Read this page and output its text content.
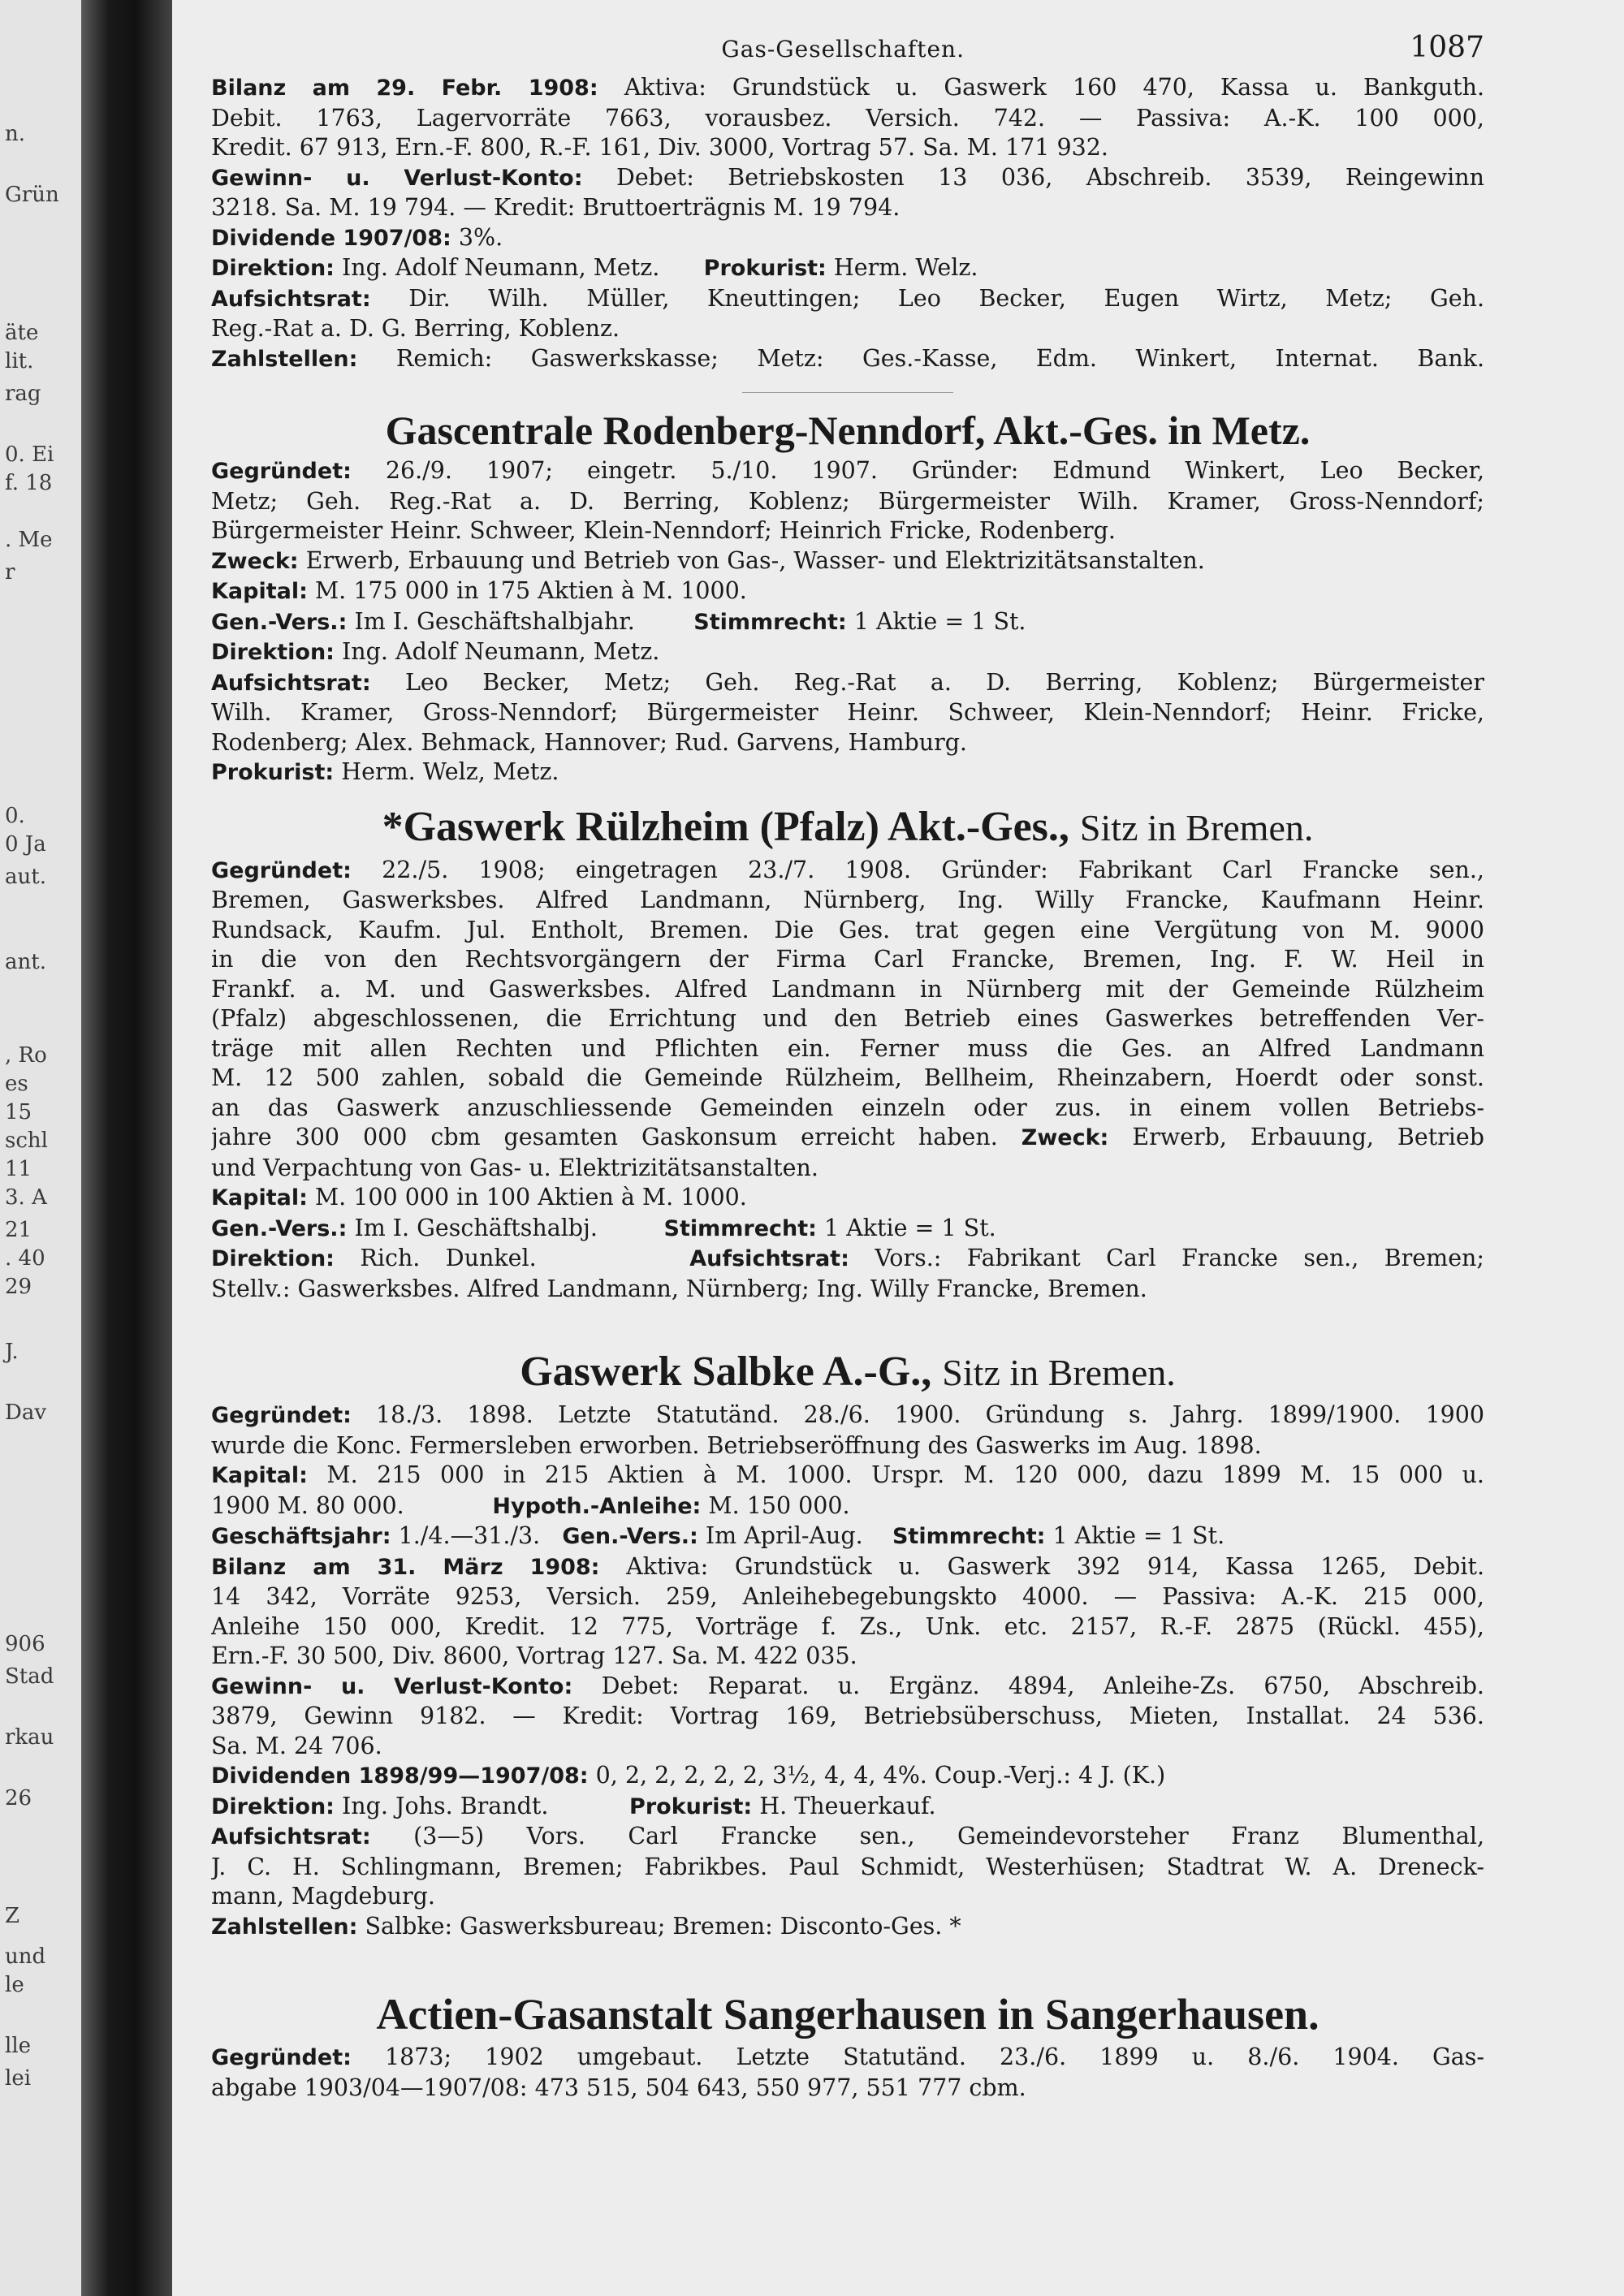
n.
Grün
äte
lit.
rag
0. Ei
f. 18
. Me
r
0.
0 Ja
aut.
ant.
, Ro
es
15
schl
11
3. A
21
. 40
29
J.
Dav
906
Stad
rkau
26
Z
und
le
lle
lei
Gas-Gesellschaften.	1087
Bilanz am 29. Febr. 1908: Aktiva: Grundstück u. Gaswerk 160 470, Kassa u. Bankguth.
Debit. 1763, Lagervorräte 7663, vorausbez. Versich. 742. — Passiva: A.-K. 100 000,
Kredit. 67 913, Ern.-F. 800, R.-F. 161, Div. 3000, Vortrag 57. Sa. M. 171 932.
Gewinn- u. Verlust-Konto: Debet: Betriebskosten 13 036, Abschreib. 3539, Reingewinn
3218. Sa. M. 19 794. — Kredit: Bruttoerträgnis M. 19 794.
Dividende 1907/08: 3%.
Direktion: Ing. Adolf Neumann, Metz. Prokurist: Herm. Welz.
Aufsichtsrat: Dir. Wilh. Müller, Kneuttingen; Leo Becker, Eugen Wirtz, Metz; Geh.
Reg.-Rat a. D. G. Berring, Koblenz.
Zahlstellen: Remich: Gaswerkskasse; Metz: Ges.-Kasse, Edm. Winkert, Internat. Bank.
Gascentrale Rodenberg-Nenndorf, Akt.-Ges. in Metz.
Gegründet: 26./9. 1907; eingetr. 5./10. 1907. Gründer: Edmund Winkert, Leo Becker,
Metz; Geh. Reg.-Rat a. D. Berring, Koblenz; Bürgermeister Wilh. Kramer, Gross-Nenndorf;
Bürgermeister Heinr. Schweer, Klein-Nenndorf; Heinrich Fricke, Rodenberg.
Zweck: Erwerb, Erbauung und Betrieb von Gas-, Wasser- und Elektrizitätsanstalten.
Kapital: M. 175 000 in 175 Aktien à M. 1000.
Gen.-Vers.: Im I. Geschäftshalbjahr.	Stimmrecht: 1 Aktie = 1 St.
Direktion: Ing. Adolf Neumann, Metz.
Aufsichtsrat: Leo Becker, Metz; Geh. Reg.-Rat a. D. Berring, Koblenz; Bürgermeister
Wilh. Kramer, Gross-Nenndorf; Bürgermeister Heinr. Schweer, Klein-Nenndorf; Heinr. Fricke,
Rodenberg; Alex. Behmack, Hannover; Rud. Garvens, Hamburg.
Prokurist: Herm. Welz, Metz.
*Gaswerk Rülzheim (Pfalz) Akt.-Ges., Sitz in Bremen.
Gegründet: 22./5. 1908; eingetragen 23./7. 1908. Gründer: Fabrikant Carl Francke sen.,
Bremen, Gaswerksbes. Alfred Landmann, Nürnberg, Ing. Willy Francke, Kaufmann Heinr.
Rundsack, Kaufm. Jul. Entholt, Bremen. Die Ges. trat gegen eine Vergütung von M. 9000
in die von den Rechtsvorgängern der Firma Carl Francke, Bremen, Ing. F. W. Heil in
Frankf. a. M. und Gaswerksbes. Alfred Landmann in Nürnberg mit der Gemeinde Rülzheim
(Pfalz) abgeschlossenen, die Errichtung und den Betrieb eines Gaswerkes betreffenden Ver-
träge mit allen Rechten und Pflichten ein. Ferner muss die Ges. an Alfred Landmann
M. 12 500 zahlen, sobald die Gemeinde Rülzheim, Bellheim, Rheinzabern, Hoerdt oder sonst.
an das Gaswerk anzuschliessende Gemeinden einzeln oder zus. in einem vollen Betriebs-
jahre 300 000 cbm gesamten Gaskonsum erreicht haben. Zweck: Erwerb, Erbauung, Betrieb
und Verpachtung von Gas- u. Elektrizitätsanstalten.
Kapital: M. 100 000 in 100 Aktien à M. 1000.
Gen.-Vers.: Im I. Geschäftshalbj.	Stimmrecht: 1 Aktie = 1 St.
Direktion: Rich. Dunkel.	Aufsichtsrat: Vors.: Fabrikant Carl Francke sen., Bremen;
Stellv.: Gaswerksbes. Alfred Landmann, Nürnberg; Ing. Willy Francke, Bremen.
Gaswerk Salbke A.-G., Sitz in Bremen.
Gegründet: 18./3. 1898. Letzte Statutänd. 28./6. 1900. Gründung s. Jahrg. 1899/1900. 1900
wurde die Konc. Fermersleben erworben. Betriebseröffnung des Gaswerks im Aug. 1898.
Kapital: M. 215 000 in 215 Aktien à M. 1000. Urspr. M. 120 000, dazu 1899 M. 15 000 u.
1900 M. 80 000.	Hypoth.-Anleihe: M. 150 000.
Geschäftsjahr: 1./4.—31./3. Gen.-Vers.: Im April-Aug. Stimmrecht: 1 Aktie = 1 St.
Bilanz am 31. März 1908: Aktiva: Grundstück u. Gaswerk 392 914, Kassa 1265, Debit.
14 342, Vorräte 9253, Versich. 259, Anleihebegebungskto 4000. — Passiva: A.-K. 215 000,
Anleihe 150 000, Kredit. 12 775, Vorträge f. Zs., Unk. etc. 2157, R.-F. 2875 (Rückl. 455),
Ern.-F. 30 500, Div. 8600, Vortrag 127. Sa. M. 422 035.
Gewinn- u. Verlust-Konto: Debet: Reparat. u. Ergänz. 4894, Anleihe-Zs. 6750, Abschreib.
3879, Gewinn 9182. — Kredit: Vortrag 169, Betriebsüberschuss, Mieten, Installat. 24 536.
Sa. M. 24 706.
Dividenden 1898/99—1907/08: 0, 2, 2, 2, 2, 2, 3½, 4, 4, 4%. Coup.-Verj.: 4 J. (K.)
Direktion: Ing. Johs. Brandt.	Prokurist: H. Theuerkauf.
Aufsichtsrat: (3—5) Vors. Carl Francke sen., Gemeindevorsteher Franz Blumenthal,
J. C. H. Schlingmann, Bremen; Fabrikbes. Paul Schmidt, Westerhüsen; Stadtrat W. A. Dreneck-
mann, Magdeburg.
Zahlstellen: Salbke: Gaswerksbureau; Bremen: Disconto-Ges. *
Actien-Gasanstalt Sangerhausen in Sangerhausen.
Gegründet: 1873; 1902 umgebaut. Letzte Statutänd. 23./6. 1899 u. 8./6. 1904. Gas-
abgabe 1903/04—1907/08: 473 515, 504 643, 550 977, 551 777 cbm.
